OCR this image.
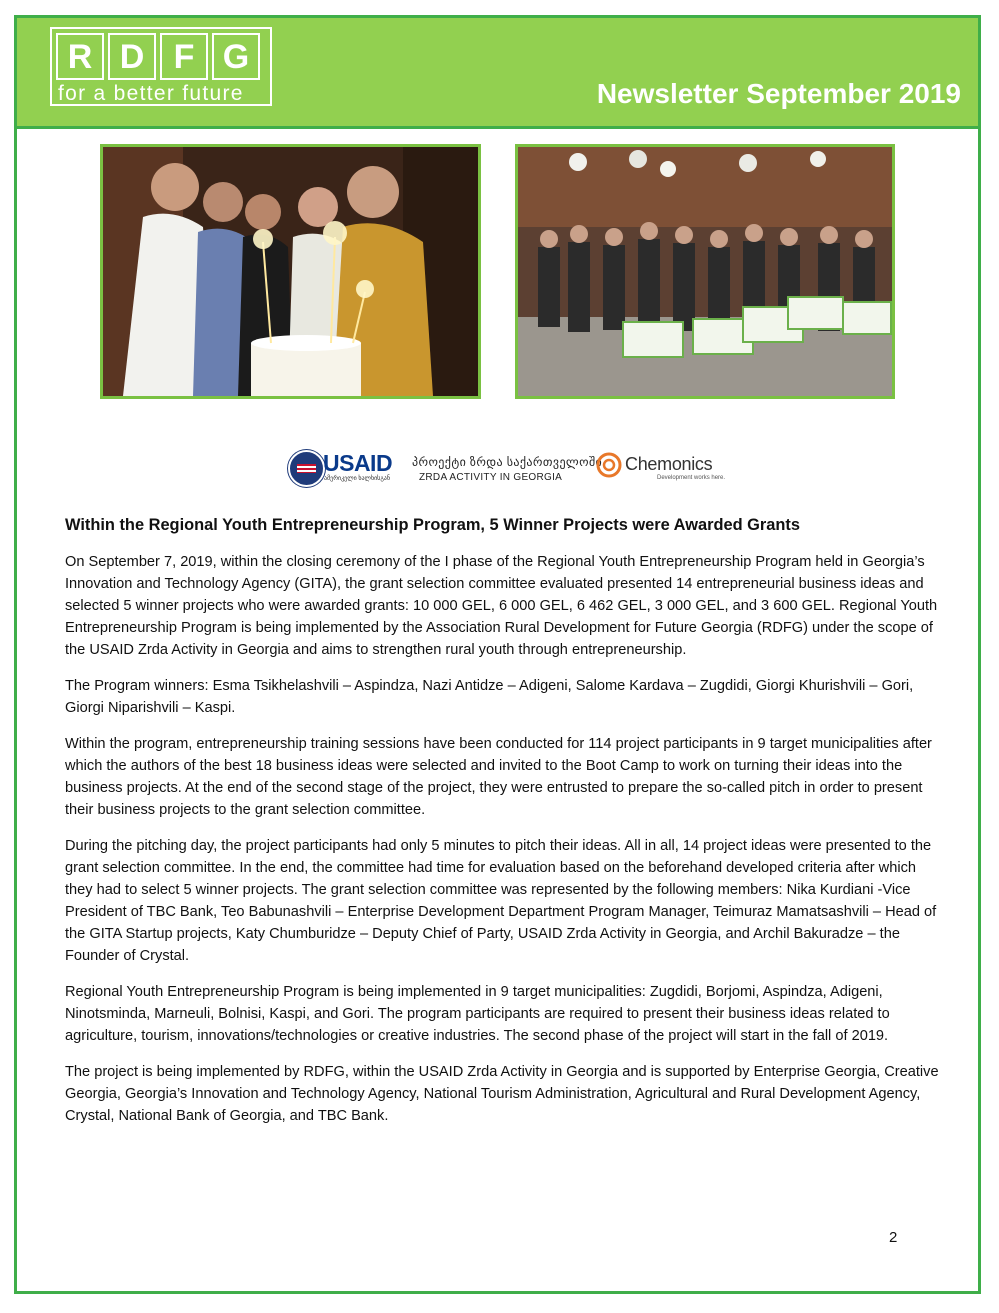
R D F G
for a better future	Newsletter September 2019
USAID
ამერიკელი ხალხისგან
პროექტი ზრდა საქართველოში
ZRDA ACTIVITY IN GEORGIA
Chemonics
Development works here.
Within the Regional Youth Entrepreneurship Program, 5 Winner Projects were Awarded Grants

On September 7, 2019, within the closing ceremony of the I phase of the Regional Youth Entrepreneurship Program held in Georgia’s Innovation and Technology Agency (GITA), the grant selection committee evaluated presented 14 entrepreneurial business ideas and selected 5 winner projects who were awarded grants: 10 000 GEL, 6 000 GEL, 6 462 GEL, 3 000 GEL, and 3 600 GEL. Regional Youth Entrepreneurship Program is being implemented by the Association Rural Development for Future Georgia (RDFG) under the scope of the USAID Zrda Activity in Georgia and aims to strengthen rural youth through entrepreneurship.

The Program winners: Esma Tsikhelashvili – Aspindza, Nazi Antidze – Adigeni, Salome Kardava – Zugdidi, Giorgi Khurishvili – Gori, Giorgi Niparishvili – Kaspi.

Within the program, entrepreneurship training sessions have been conducted for 114 project participants in 9 target municipalities after which the authors of the best 18 business ideas were selected and invited to the Boot Camp to work on turning their ideas into the business projects. At the end of the second stage of the project, they were entrusted to prepare the so-called pitch in order to present their business projects to the grant selection committee.

During the pitching day, the project participants had only 5 minutes to pitch their ideas. All in all, 14 project ideas were presented to the grant selection committee. In the end, the committee had time for evaluation based on the beforehand developed criteria after which they had to select 5 winner projects. The grant selection committee was represented by the following members: Nika Kurdiani -Vice President of TBC Bank, Teo Babunashvili – Enterprise Development Department Program Manager, Teimuraz Mamatsashvili – Head of the GITA Startup projects, Katy Chumburidze – Deputy Chief of Party, USAID Zrda Activity in Georgia, and Archil Bakuradze – the Founder of Crystal.

Regional Youth Entrepreneurship Program is being implemented in 9 target municipalities: Zugdidi, Borjomi, Aspindza, Adigeni, Ninotsminda, Marneuli, Bolnisi, Kaspi, and Gori. The program participants are required to present their business ideas related to agriculture, tourism, innovations/technologies or creative industries. The second phase of the project will start in the fall of 2019.

The project is being implemented by RDFG, within the USAID Zrda Activity in Georgia and is supported by Enterprise Georgia, Creative Georgia, Georgia’s Innovation and Technology Agency, National Tourism Administration, Agricultural and Rural Development Agency, Crystal, National Bank of Georgia, and TBC Bank.

2
